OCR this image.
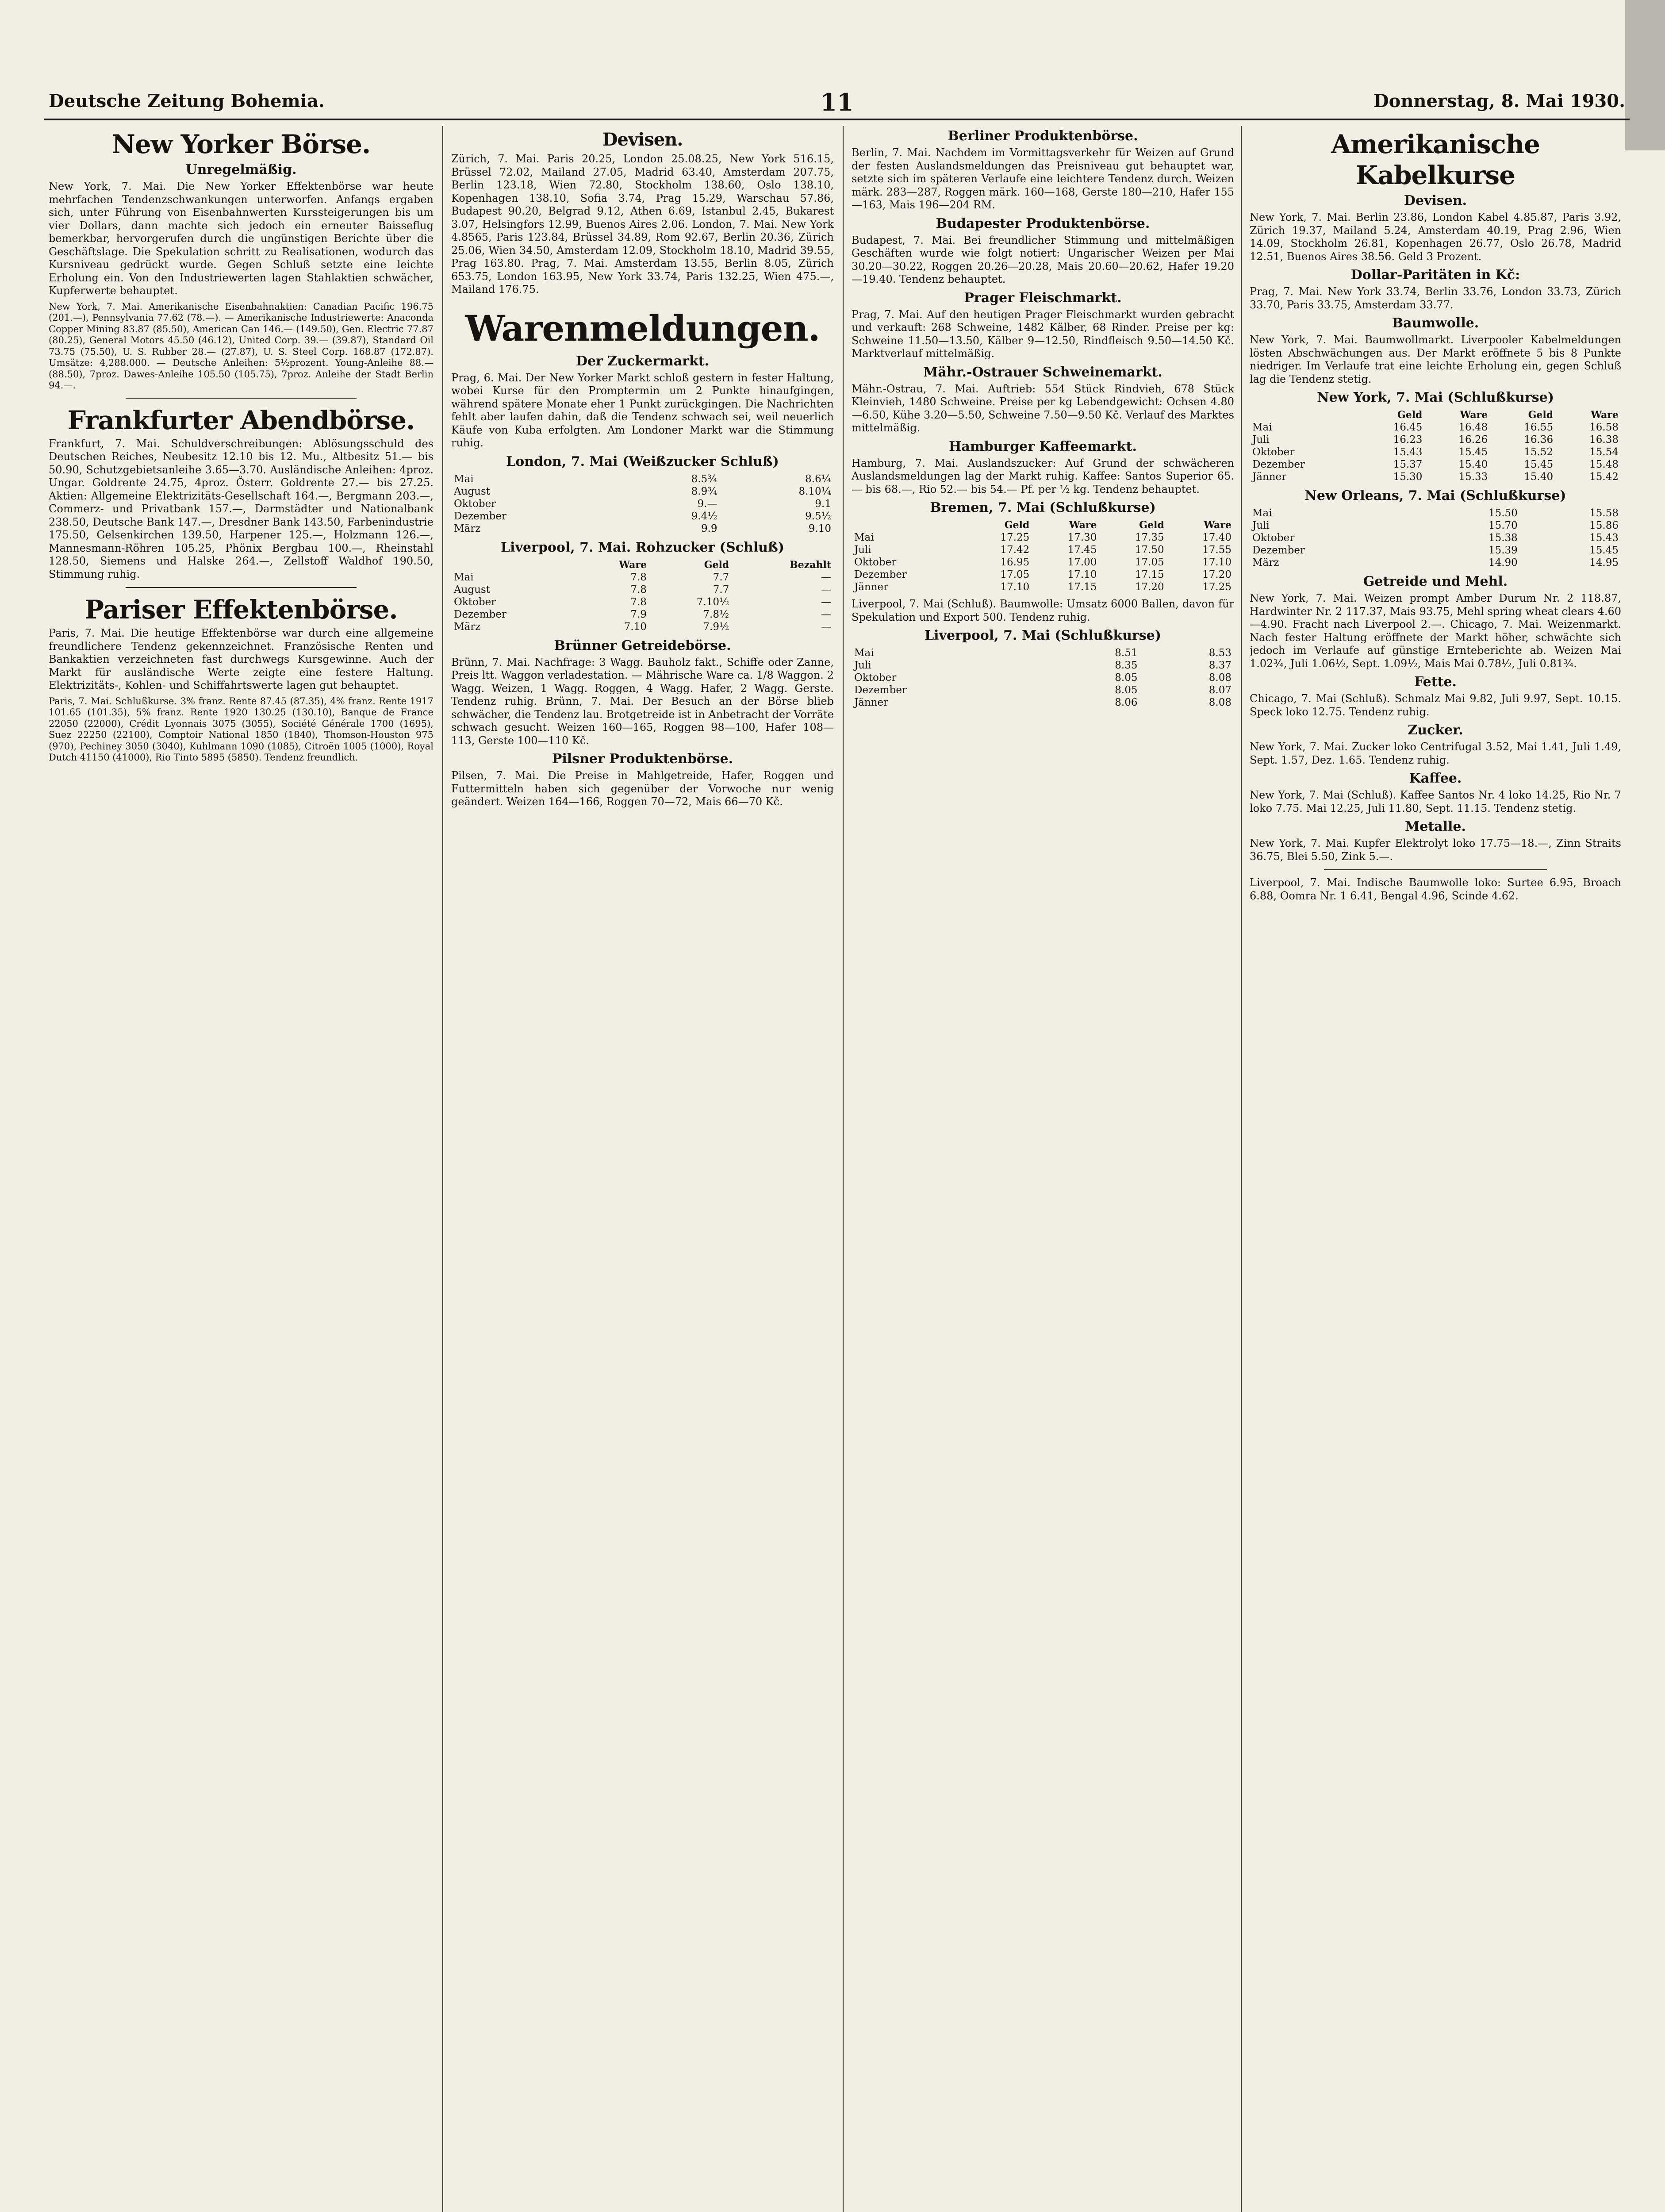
Deutsche Zeitung Bohemia.	11	Donnerstag, 8. Mai 1930.
New Yorker Börse.
Unregelmäßig.

New York, 7. Mai. Die New Yorker Effektenbörse war heute mehrfachen Tendenzschwankungen unterworfen. Anfangs ergaben sich, unter Führung von Eisenbahnwerten Kurssteigerungen bis um vier Dollars, dann machte sich jedoch ein erneuter Baisseflug bemerkbar, hervorgerufen durch die ungünstigen Berichte über die Geschäftslage. Die Spekulation schritt zu Realisationen, wodurch das Kursniveau gedrückt wurde. Gegen Schluß setzte eine leichte Erholung ein. Von den Industriewerten lagen Stahlaktien schwächer, Kupferwerte behauptet.

New York, 7. Mai. Amerikanische Eisenbahnaktien: Canadian Pacific 196.75 (201.—), Pennsylvania 77.62 (78.—). — Amerikanische Industriewerte: Anaconda Copper Mining 83.87 (85.50), American Can 146.— (149.50), Gen. Electric 77.87 (80.25), General Motors 45.50 (46.12), United Corp. 39.— (39.87), Standard Oil 73.75 (75.50), U. S. Rubber 28.— (27.87), U. S. Steel Corp. 168.87 (172.87). Umsätze: 4,288.000. — Deutsche Anleihen: 5½prozent. Young-Anleihe 88.— (88.50), 7proz. Dawes-Anleihe 105.50 (105.75), 7proz. Anleihe der Stadt Berlin 94.—.

Frankfurter Abendbörse.

Frankfurt, 7. Mai. Schuldverschreibungen: Ablösungsschuld des Deutschen Reiches, Neubesitz 12.10 bis 12. Mu., Altbesitz 51.— bis 50.90, Schutzgebietsanleihe 3.65—3.70. Ausländische Anleihen: 4proz. Ungar. Goldrente 24.75, 4proz. Österr. Goldrente 27.— bis 27.25. Aktien: Allgemeine Elektrizitäts-Gesellschaft 164.—, Bergmann 203.—, Commerz- und Privatbank 157.—, Darmstädter und Nationalbank 238.50, Deutsche Bank 147.—, Dresdner Bank 143.50, Farbenindustrie 175.50, Gelsenkirchen 139.50, Harpener 125.—, Holzmann 126.—, Mannesmann-Röhren 105.25, Phönix Bergbau 100.—, Rheinstahl 128.50, Siemens und Halske 264.—, Zellstoff Waldhof 190.50, Stimmung ruhig.

Pariser Effektenbörse.

Paris, 7. Mai. Die heutige Effektenbörse war durch eine allgemeine freundlichere Tendenz gekennzeichnet. Französische Renten und Bankaktien verzeichneten fast durchwegs Kursgewinne. Auch der Markt für ausländische Werte zeigte eine festere Haltung. Elektrizitäts-, Kohlen- und Schiffahrtswerte lagen gut behauptet.

Paris, 7. Mai. Schlußkurse. 3% franz. Rente 87.45 (87.35), 4% franz. Rente 1917 101.65 (101.35), 5% franz. Rente 1920 130.25 (130.10), Banque de France 22050 (22000), Crédit Lyonnais 3075 (3055), Société Générale 1700 (1695), Suez 22250 (22100), Comptoir National 1850 (1840), Thomson-Houston 975 (970), Pechiney 3050 (3040), Kuhlmann 1090 (1085), Citroën 1005 (1000), Royal Dutch 41150 (41000), Rio Tinto 5895 (5850). Tendenz freundlich.

Devisen.

Zürich, 7. Mai. Paris 20.25, London 25.08.25, New York 516.15, Brüssel 72.02, Mailand 27.05, Madrid 63.40, Amsterdam 207.75, Berlin 123.18, Wien 72.80, Stockholm 138.60, Oslo 138.10, Kopenhagen 138.10, Sofia 3.74, Prag 15.29, Warschau 57.86, Budapest 90.20, Belgrad 9.12, Athen 6.69, Istanbul 2.45, Bukarest 3.07, Helsingfors 12.99, Buenos Aires 2.06. London, 7. Mai. New York 4.8565, Paris 123.84, Brüssel 34.89, Rom 92.67, Berlin 20.36, Zürich 25.06, Wien 34.50, Amsterdam 12.09, Stockholm 18.10, Madrid 39.55, Prag 163.80. Prag, 7. Mai. Amsterdam 13.55, Berlin 8.05, Zürich 653.75, London 163.95, New York 33.74, Paris 132.25, Wien 475.—, Mailand 176.75.

Warenmeldungen.
Der Zuckermarkt.

Prag, 6. Mai. Der New Yorker Markt schloß gestern in fester Haltung, wobei Kurse für den Promptermin um 2 Punkte hinaufgingen, während spätere Monate eher 1 Punkt zurückgingen. Die Nachrichten fehlt aber laufen dahin, daß die Tendenz schwach sei, weil neuerlich Käufe von Kuba erfolgten. Am Londoner Markt war die Stimmung ruhig.

London, 7. Mai (Weißzucker Schluß)
Mai	8.5¾	8.6¼
August	8.9¾	8.10¼
Oktober	9.—	9.1
Dezember	9.4½	9.5½
März	9.9	9.10
Liverpool, 7. Mai. Rohzucker (Schluß)
	Ware	Geld	Bezahlt
Mai	7.8	7.7	—
August	7.8	7.7	—
Oktober	7.8	7.10½	—
Dezember	7.9	7.8½	—
März	7.10	7.9½	—
Brünner Getreidebörse.

Brünn, 7. Mai. Nachfrage: 3 Wagg. Bauholz fakt., Schiffe oder Zanne, Preis ltt. Waggon verladestation. — Mährische Ware ca. 1/8 Waggon. 2 Wagg. Weizen, 1 Wagg. Roggen, 4 Wagg. Hafer, 2 Wagg. Gerste. Tendenz ruhig. Brünn, 7. Mai. Der Besuch an der Börse blieb schwächer, die Tendenz lau. Brotgetreide ist in Anbetracht der Vorräte schwach gesucht. Weizen 160—165, Roggen 98—100, Hafer 108—113, Gerste 100—110 Kč.

Pilsner Produktenbörse.

Pilsen, 7. Mai. Die Preise in Mahlgetreide, Hafer, Roggen und Futtermitteln haben sich gegenüber der Vorwoche nur wenig geändert. Weizen 164—166, Roggen 70—72, Mais 66—70 Kč.

Berliner Produktenbörse.

Berlin, 7. Mai. Nachdem im Vormittagsverkehr für Weizen auf Grund der festen Auslandsmeldungen das Preisniveau gut behauptet war, setzte sich im späteren Verlaufe eine leichtere Tendenz durch. Weizen märk. 283—287, Roggen märk. 160—168, Gerste 180—210, Hafer 155—163, Mais 196—204 RM.

Budapester Produktenbörse.

Budapest, 7. Mai. Bei freundlicher Stimmung und mittelmäßigen Geschäften wurde wie folgt notiert: Ungarischer Weizen per Mai 30.20—30.22, Roggen 20.26—20.28, Mais 20.60—20.62, Hafer 19.20—19.40. Tendenz behauptet.

Prager Fleischmarkt.

Prag, 7. Mai. Auf den heutigen Prager Fleischmarkt wurden gebracht und verkauft: 268 Schweine, 1482 Kälber, 68 Rinder. Preise per kg: Schweine 11.50—13.50, Kälber 9—12.50, Rindfleisch 9.50—14.50 Kč. Marktverlauf mittelmäßig.

Mähr.-Ostrauer Schweinemarkt.

Mähr.-Ostrau, 7. Mai. Auftrieb: 554 Stück Rindvieh, 678 Stück Kleinvieh, 1480 Schweine. Preise per kg Lebendgewicht: Ochsen 4.80—6.50, Kühe 3.20—5.50, Schweine 7.50—9.50 Kč. Verlauf des Marktes mittelmäßig.

Hamburger Kaffeemarkt.

Hamburg, 7. Mai. Auslandszucker: Auf Grund der schwächeren Auslandsmeldungen lag der Markt ruhig. Kaffee: Santos Superior 65.— bis 68.—, Rio 52.— bis 54.— Pf. per ½ kg. Tendenz behauptet.

Bremen, 7. Mai (Schlußkurse)
	Geld	Ware	Geld	Ware
Mai	17.25	17.30	17.35	17.40
Juli	17.42	17.45	17.50	17.55
Oktober	16.95	17.00	17.05	17.10
Dezember	17.05	17.10	17.15	17.20
Jänner	17.10	17.15	17.20	17.25

Liverpool, 7. Mai (Schluß). Baumwolle: Umsatz 6000 Ballen, davon für Spekulation und Export 500. Tendenz ruhig.

Liverpool, 7. Mai (Schlußkurse)
Mai	8.51	8.53
Juli	8.35	8.37
Oktober	8.05	8.08
Dezember	8.05	8.07
Jänner	8.06	8.08
Amerikanische Kabelkurse
Devisen.

New York, 7. Mai. Berlin 23.86, London Kabel 4.85.87, Paris 3.92, Zürich 19.37, Mailand 5.24, Amsterdam 40.19, Prag 2.96, Wien 14.09, Stockholm 26.81, Kopenhagen 26.77, Oslo 26.78, Madrid 12.51, Buenos Aires 38.56. Geld 3 Prozent.

Dollar-Paritäten in Kč:

Prag, 7. Mai. New York 33.74, Berlin 33.76, London 33.73, Zürich 33.70, Paris 33.75, Amsterdam 33.77.

Baumwolle.

New York, 7. Mai. Baumwollmarkt. Liverpooler Kabelmeldungen lösten Abschwächungen aus. Der Markt eröffnete 5 bis 8 Punkte niedriger. Im Verlaufe trat eine leichte Erholung ein, gegen Schluß lag die Tendenz stetig.

New York, 7. Mai (Schlußkurse)
	Geld	Ware	Geld	Ware
Mai	16.45	16.48	16.55	16.58
Juli	16.23	16.26	16.36	16.38
Oktober	15.43	15.45	15.52	15.54
Dezember	15.37	15.40	15.45	15.48
Jänner	15.30	15.33	15.40	15.42
New Orleans, 7. Mai (Schlußkurse)
Mai	15.50	15.58
Juli	15.70	15.86
Oktober	15.38	15.43
Dezember	15.39	15.45
März	14.90	14.95
Getreide und Mehl.

New York, 7. Mai. Weizen prompt Amber Durum Nr. 2 118.87, Hardwinter Nr. 2 117.37, Mais 93.75, Mehl spring wheat clears 4.60—4.90. Fracht nach Liverpool 2.—. Chicago, 7. Mai. Weizenmarkt. Nach fester Haltung eröffnete der Markt höher, schwächte sich jedoch im Verlaufe auf günstige Ernteberichte ab. Weizen Mai 1.02¾, Juli 1.06½, Sept. 1.09½, Mais Mai 0.78½, Juli 0.81¾.

Fette.

Chicago, 7. Mai (Schluß). Schmalz Mai 9.82, Juli 9.97, Sept. 10.15. Speck loko 12.75. Tendenz ruhig.

Zucker.

New York, 7. Mai. Zucker loko Centrifugal 3.52, Mai 1.41, Juli 1.49, Sept. 1.57, Dez. 1.65. Tendenz ruhig.

Kaffee.

New York, 7. Mai (Schluß). Kaffee Santos Nr. 4 loko 14.25, Rio Nr. 7 loko 7.75. Mai 12.25, Juli 11.80, Sept. 11.15. Tendenz stetig.

Metalle.

New York, 7. Mai. Kupfer Elektrolyt loko 17.75—18.—, Zinn Straits 36.75, Blei 5.50, Zink 5.—.

Liverpool, 7. Mai. Indische Baumwolle loko: Surtee 6.95, Broach 6.88, Oomra Nr. 1 6.41, Bengal 4.96, Scinde 4.62.
